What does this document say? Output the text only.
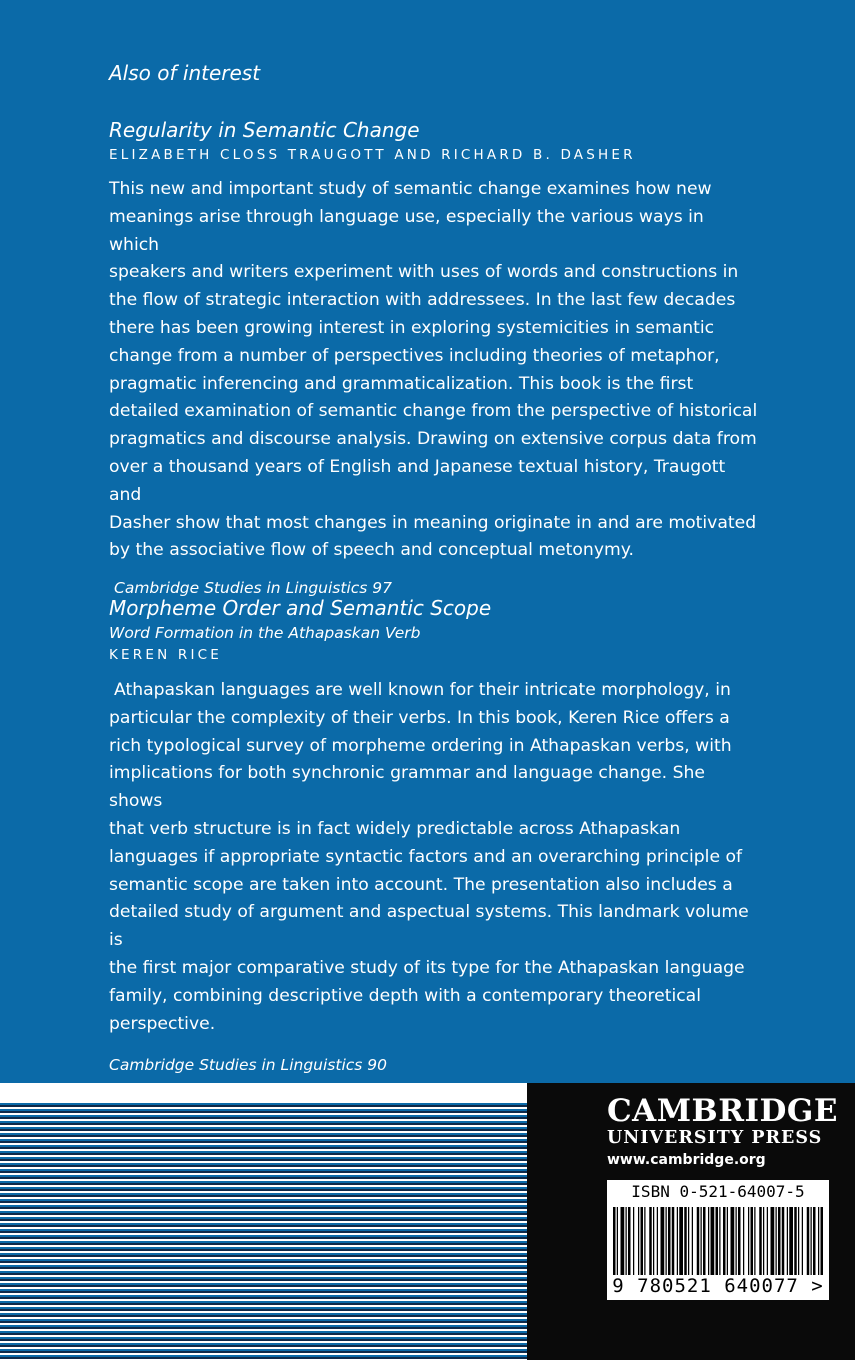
Also of interest

Regularity in Semantic Change

ELIZABETH CLOSS TRAUGOTT AND RICHARD B. DASHER

This new and important study of semantic change examines how new
meanings arise through language use, especially the various ways in which
speakers and writers experiment with uses of words and constructions in
the flow of strategic interaction with addressees. In the last few decades
there has been growing interest in exploring systemicities in semantic
change from a number of perspectives including theories of metaphor,
pragmatic inferencing and grammaticalization. This book is the first
detailed examination of semantic change from the perspective of historical
pragmatics and discourse analysis. Drawing on extensive corpus data from
over a thousand years of English and Japanese textual history, Traugott and
Dasher show that most changes in meaning originate in and are motivated
by the associative flow of speech and conceptual metonymy.

Cambridge Studies in Linguistics 97

Morpheme Order and Semantic Scope

Word Formation in the Athapaskan Verb

KEREN RICE

Athapaskan languages are well known for their intricate morphology, in
particular the complexity of their verbs. In this book, Keren Rice offers a
rich typological survey of morpheme ordering in Athapaskan verbs, with
implications for both synchronic grammar and language change. She shows
that verb structure is in fact widely predictable across Athapaskan
languages if appropriate syntactic factors and an overarching principle of
semantic scope are taken into account. The presentation also includes a
detailed study of argument and aspectual systems. This landmark volume is
the first major comparative study of its type for the Athapaskan language
family, combining descriptive depth with a contemporary theoretical
perspective.

Cambridge Studies in Linguistics 90

CAMBRIDGE

UNIVERSITY PRESS

www.cambridge.org

ISBN 0-521-64007-5

9 780521 640077 >
